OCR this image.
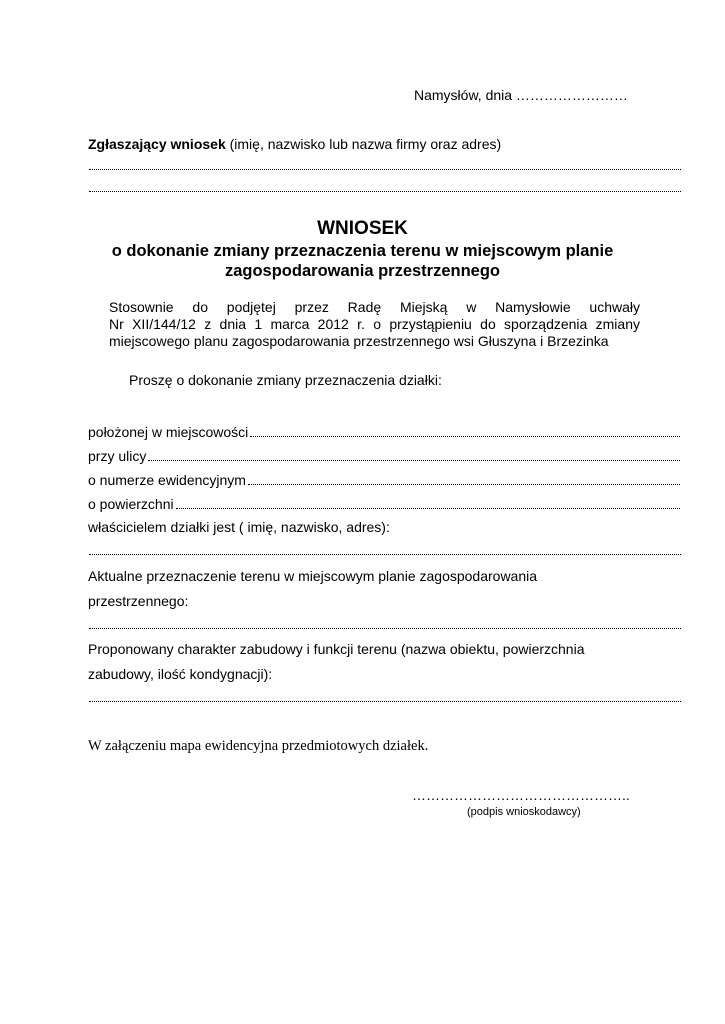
Namysłów, dnia ……………………
Zgłaszający wniosek (imię, nazwisko lub nazwa firmy oraz adres)
WNIOSEK
o dokonanie zmiany przeznaczenia terenu w miejscowym planie
zagospodarowania przestrzennego
Stosownie do podjętej przez Radę Miejską w Namysłowie uchwały
Nr XII/144/12 z dnia 1 marca 2012 r. o przystąpieniu do sporządzenia zmiany
miejscowego planu zagospodarowania przestrzennego wsi Głuszyna i Brzezinka
Proszę o dokonanie zmiany przeznaczenia działki:
położonej w miejscowości
przy ulicy
o numerze ewidencyjnym
o powierzchni
właścicielem działki jest ( imię, nazwisko, adres):
Aktualne przeznaczenie terenu w miejscowym planie zagospodarowania
przestrzennego:
Proponowany charakter zabudowy i funkcji terenu (nazwa obiektu, powierzchnia
zabudowy, ilość kondygnacji):
W załączeniu mapa ewidencyjna przedmiotowych działek.
………………………………………..
(podpis wnioskodawcy)
